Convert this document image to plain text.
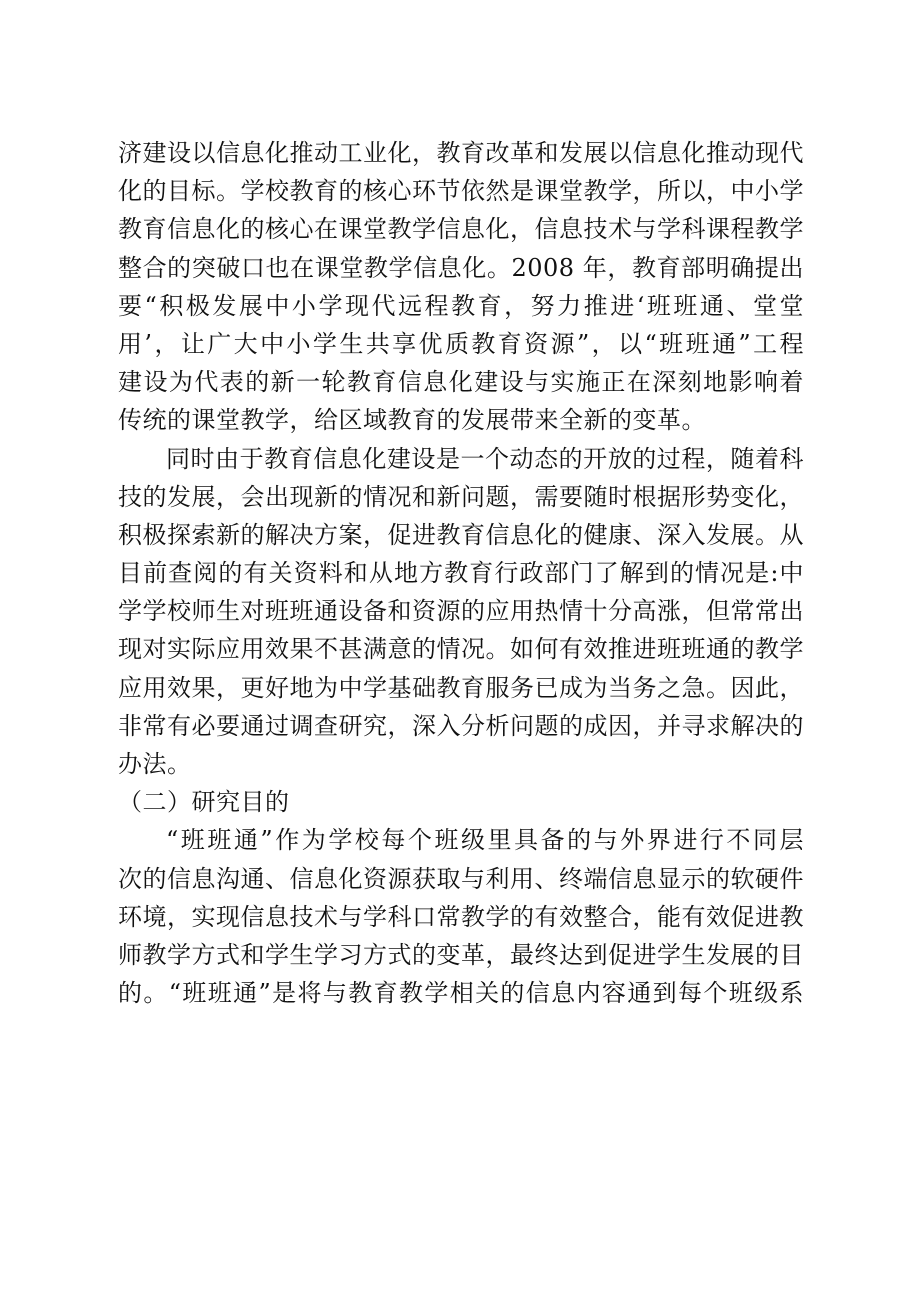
济建设以信息化推动工业化，教育改革和发展以信息化推动现代
化的目标。学校教育的核心环节依然是课堂教学，所以，中小学
教育信息化的核心在课堂教学信息化，信息技术与学科课程教学
整合的突破口也在课堂教学信息化。2008 年，教育部明确提出
要“积极发展中小学现代远程教育，努力推进‘班班通、堂堂
用’，让广大中小学生共享优质教育资源”，以“班班通”工程
建设为代表的新一轮教育信息化建设与实施正在深刻地影响着
传统的课堂教学，给区域教育的发展带来全新的变革。
同时由于教育信息化建设是一个动态的开放的过程，随着科
技的发展，会出现新的情况和新问题，需要随时根据形势变化，
积极探索新的解决方案，促进教育信息化的健康、深入发展。从
目前查阅的有关资料和从地方教育行政部门了解到的情况是:中
学学校师生对班班通设备和资源的应用热情十分高涨，但常常出
现对实际应用效果不甚满意的情况。如何有效推进班班通的教学
应用效果，更好地为中学基础教育服务已成为当务之急。因此，
非常有必要通过调查研究，深入分析问题的成因，并寻求解决的
办法。
（二）研究目的
“班班通”作为学校每个班级里具备的与外界进行不同层
次的信息沟通、信息化资源获取与利用、终端信息显示的软硬件
环境，实现信息技术与学科口常教学的有效整合，能有效促进教
师教学方式和学生学习方式的变革，最终达到促进学生发展的目
的。“班班通”是将与教育教学相关的信息内容通到每个班级系
